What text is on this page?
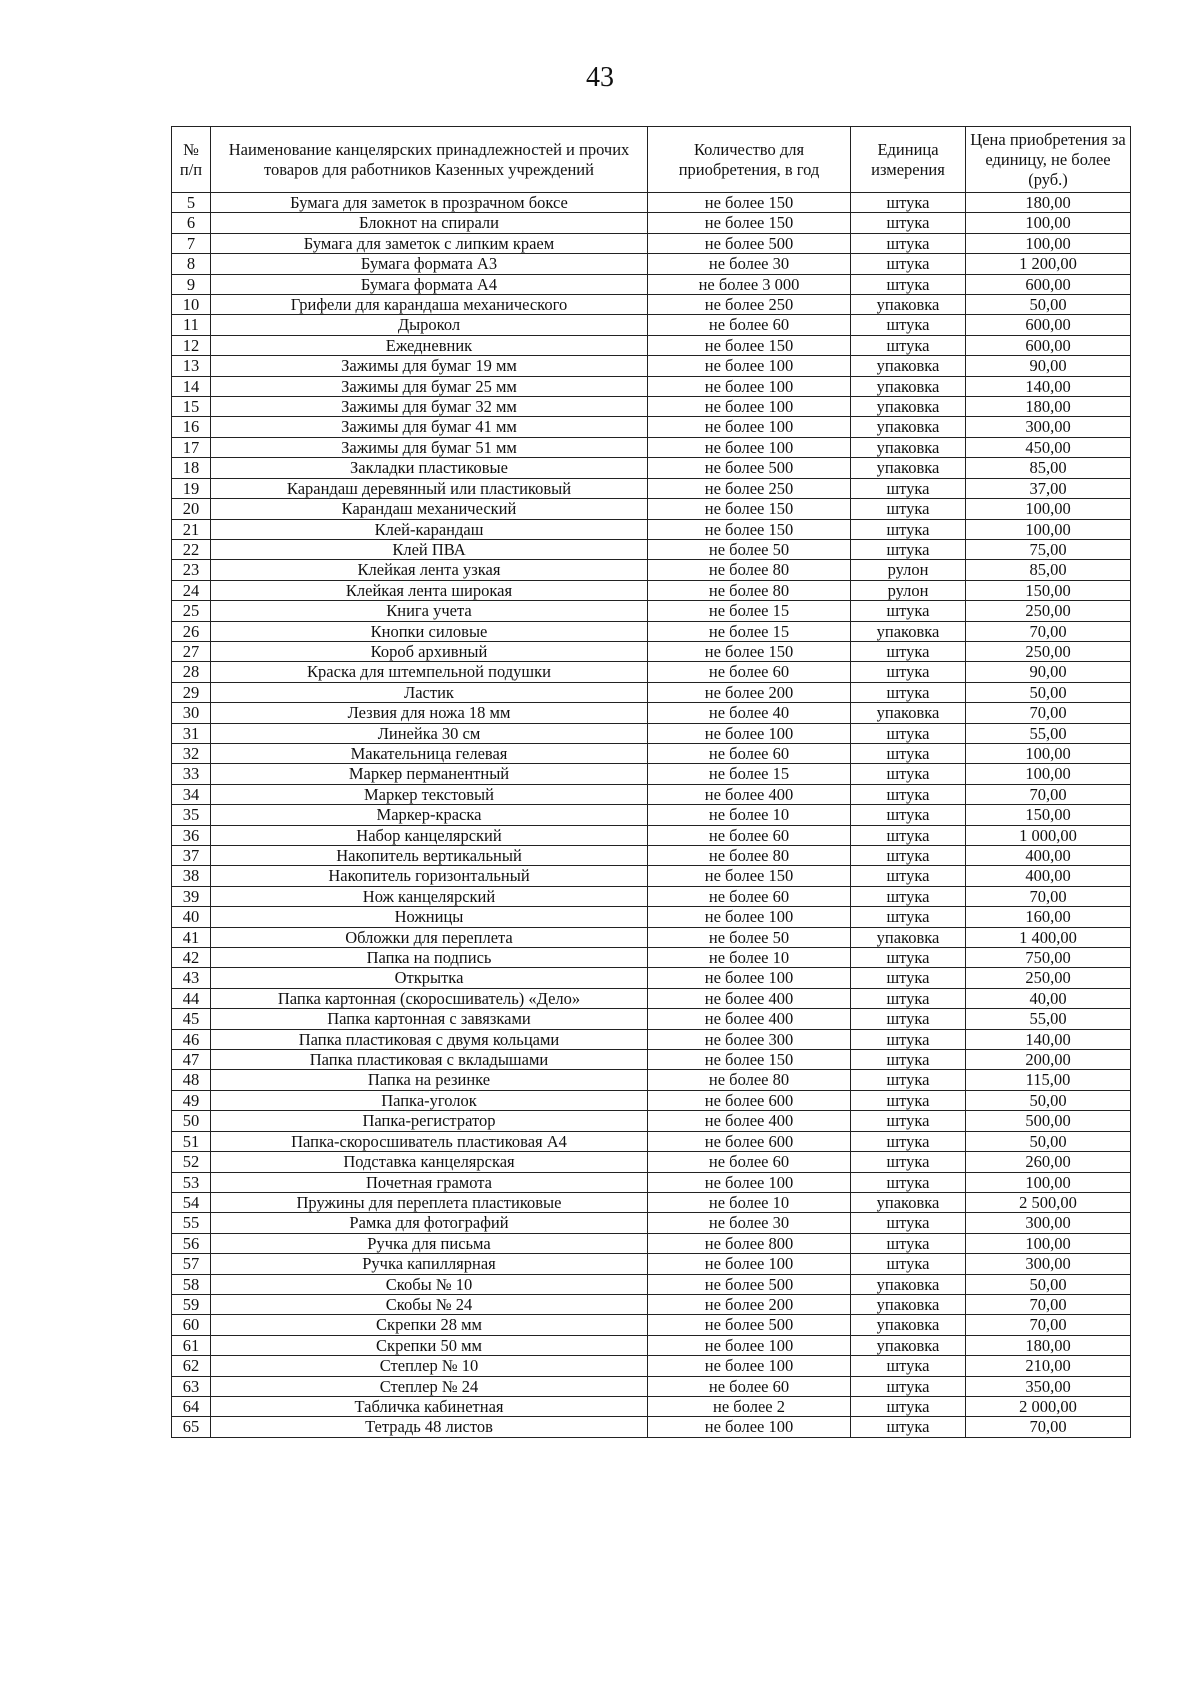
43
№ п/п	Наименование канцелярских принадлежностей и прочих товаров для работников Казенных учреждений	Количество для приобретения, в год	Единица измерения	Цена приобретения за единицу, не более (руб.)
5	Бумага для заметок в прозрачном боксе	не более 150	штука	180,00
6	Блокнот на спирали	не более 150	штука	100,00
7	Бумага для заметок с липким краем	не более 500	штука	100,00
8	Бумага формата А3	не более 30	штука	1 200,00
9	Бумага формата А4	не более 3 000	штука	600,00
10	Грифели для карандаша механического	не более 250	упаковка	50,00
11	Дырокол	не более 60	штука	600,00
12	Ежедневник	не более 150	штука	600,00
13	Зажимы для бумаг 19 мм	не более 100	упаковка	90,00
14	Зажимы для бумаг 25 мм	не более 100	упаковка	140,00
15	Зажимы для бумаг 32 мм	не более 100	упаковка	180,00
16	Зажимы для бумаг 41 мм	не более 100	упаковка	300,00
17	Зажимы для бумаг 51 мм	не более 100	упаковка	450,00
18	Закладки пластиковые	не более 500	упаковка	85,00
19	Карандаш деревянный или пластиковый	не более 250	штука	37,00
20	Карандаш механический	не более 150	штука	100,00
21	Клей-карандаш	не более 150	штука	100,00
22	Клей ПВА	не более 50	штука	75,00
23	Клейкая лента узкая	не более 80	рулон	85,00
24	Клейкая лента широкая	не более 80	рулон	150,00
25	Книга учета	не более 15	штука	250,00
26	Кнопки силовые	не более 15	упаковка	70,00
27	Короб архивный	не более 150	штука	250,00
28	Краска для штемпельной подушки	не более 60	штука	90,00
29	Ластик	не более 200	штука	50,00
30	Лезвия для ножа 18 мм	не более 40	упаковка	70,00
31	Линейка 30 см	не более 100	штука	55,00
32	Макательница гелевая	не более 60	штука	100,00
33	Маркер перманентный	не более 15	штука	100,00
34	Маркер текстовый	не более 400	штука	70,00
35	Маркер-краска	не более 10	штука	150,00
36	Набор канцелярский	не более 60	штука	1 000,00
37	Накопитель вертикальный	не более 80	штука	400,00
38	Накопитель горизонтальный	не более 150	штука	400,00
39	Нож канцелярский	не более 60	штука	70,00
40	Ножницы	не более 100	штука	160,00
41	Обложки для переплета	не более 50	упаковка	1 400,00
42	Папка на подпись	не более 10	штука	750,00
43	Открытка	не более 100	штука	250,00
44	Папка картонная (скоросшиватель) «Дело»	не более 400	штука	40,00
45	Папка картонная с завязками	не более 400	штука	55,00
46	Папка пластиковая с двумя кольцами	не более 300	штука	140,00
47	Папка пластиковая с вкладышами	не более 150	штука	200,00
48	Папка на резинке	не более 80	штука	115,00
49	Папка-уголок	не более 600	штука	50,00
50	Папка-регистратор	не более 400	штука	500,00
51	Папка-скоросшиватель пластиковая А4	не более 600	штука	50,00
52	Подставка канцелярская	не более 60	штука	260,00
53	Почетная грамота	не более 100	штука	100,00
54	Пружины для переплета пластиковые	не более 10	упаковка	2 500,00
55	Рамка для фотографий	не более 30	штука	300,00
56	Ручка для письма	не более 800	штука	100,00
57	Ручка капиллярная	не более 100	штука	300,00
58	Скобы № 10	не более 500	упаковка	50,00
59	Скобы № 24	не более 200	упаковка	70,00
60	Скрепки 28 мм	не более 500	упаковка	70,00
61	Скрепки 50 мм	не более 100	упаковка	180,00
62	Степлер № 10	не более 100	штука	210,00
63	Степлер № 24	не более 60	штука	350,00
64	Табличка кабинетная	не более 2	штука	2 000,00
65	Тетрадь 48 листов	не более 100	штука	70,00
